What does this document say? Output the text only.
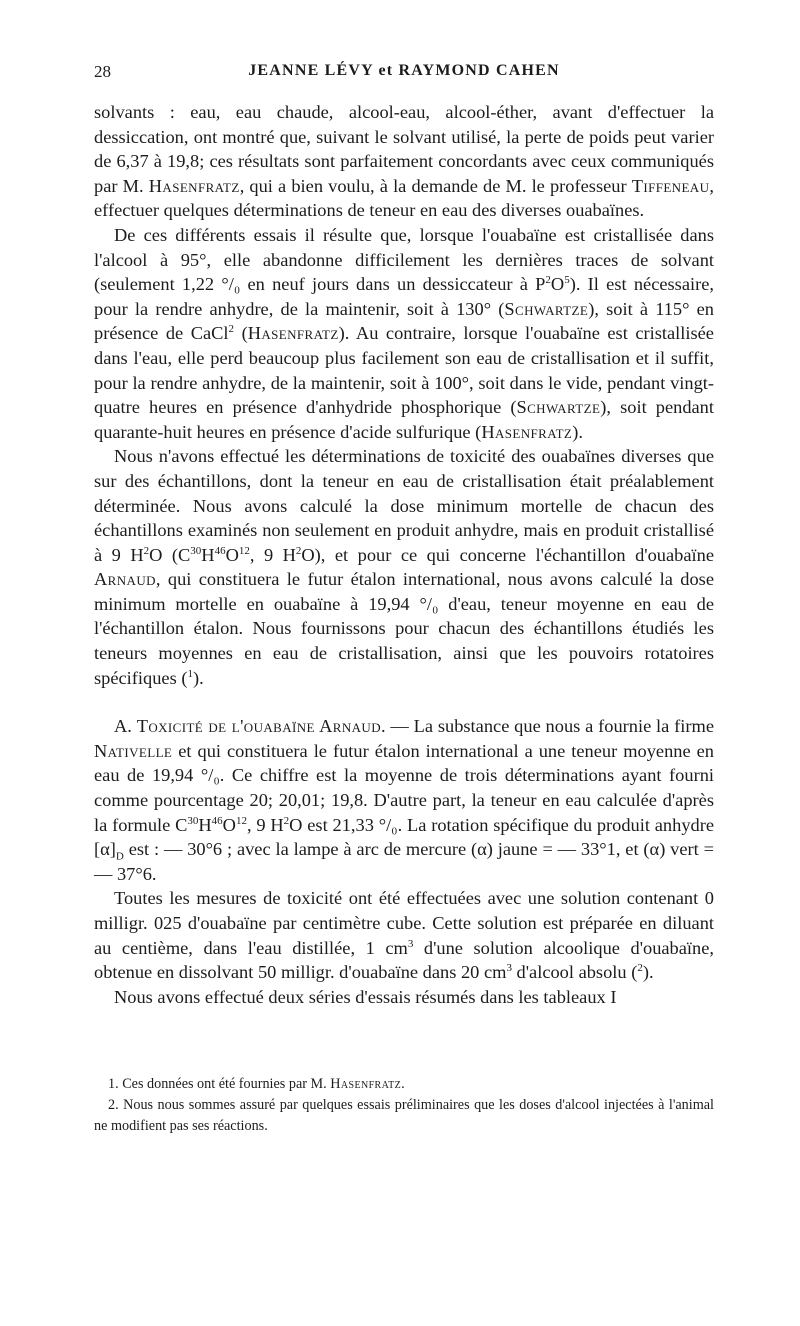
28	JEANNE LÉVY et RAYMOND CAHEN

solvants : eau, eau chaude, alcool-eau, alcool-éther, avant d'effectuer la dessiccation, ont montré que, suivant le solvant utilisé, la perte de poids peut varier de 6,37 à 19,8; ces résultats sont parfaitement concordants avec ceux communiqués par M. Hasenfratz, qui a bien voulu, à la demande de M. le professeur Tiffeneau, effectuer quelques déterminations de teneur en eau des diverses ouabaïnes.

De ces différents essais il résulte que, lorsque l'ouabaïne est cristallisée dans l'alcool à 95°, elle abandonne difficilement les dernières traces de solvant (seulement 1,22 °/₀ en neuf jours dans un dessiccateur à $P^2O^5$). Il est nécessaire, pour la rendre anhydre, de la maintenir, soit à 130° (Schwartze), soit à 115° en présence de CaCl$^2$ (Hasenfratz). Au contraire, lorsque l'ouabaïne est cristallisée dans l'eau, elle perd beaucoup plus facilement son eau de cristallisation et il suffit, pour la rendre anhydre, de la maintenir, soit à 100°, soit dans le vide, pendant vingt-quatre heures en présence d'anhydride phosphorique (Schwartze), soit pendant quarante-huit heures en présence d'acide sulfurique (Hasenfratz).

Nous n'avons effectué les déterminations de toxicité des ouabaïnes diverses que sur des échantillons, dont la teneur en eau de cristallisation était préalablement déterminée. Nous avons calculé la dose minimum mortelle de chacun des échantillons examinés non seulement en produit anhydre, mais en produit cristallisé à 9 $H^2O$ ($C^{30}H^{46}O^{12}$, 9 $H^2O$), et pour ce qui concerne l'échantillon d'ouabaïne Arnaud, qui constituera le futur étalon international, nous avons calculé la dose minimum mortelle en ouabaïne à 19,94 °/₀ d'eau, teneur moyenne en eau de l'échantillon étalon. Nous fournissons pour chacun des échantillons étudiés les teneurs moyennes en eau de cristallisation, ainsi que les pouvoirs rotatoires spécifiques ($^1$).

A. Toxicité de l'ouabaïne Arnaud. — La substance que nous a fournie la firme Nativelle et qui constituera le futur étalon international a une teneur moyenne en eau de 19,94 °/₀. Ce chiffre est la moyenne de trois déterminations ayant fourni comme pourcentage 20; 20,01; 19,8. D'autre part, la teneur en eau calculée d'après la formule $C^{30}H^{46}O^{12}$, 9 $H^2O$ est 21,33 °/₀. La rotation spécifique du produit anhydre $[\alpha]_D$ est : — 30°6 ; avec la lampe à arc de mercure (α) jaune = — 33°1, et (α) vert = — 37°6.

Toutes les mesures de toxicité ont été effectuées avec une solution contenant 0 milligr. 025 d'ouabaïne par centimètre cube. Cette solution est préparée en diluant au centième, dans l'eau distillée, 1 $cm^3$ d'une solution alcoolique d'ouabaïne, obtenue en dissolvant 50 milligr. d'ouabaïne dans 20 $cm^3$ d'alcool absolu ($^2$).

Nous avons effectué deux séries d'essais résumés dans les tableaux I

1. Ces données ont été fournies par M. Hasenfratz.

2. Nous nous sommes assuré par quelques essais préliminaires que les doses d'alcool injectées à l'animal ne modifient pas ses réactions.
